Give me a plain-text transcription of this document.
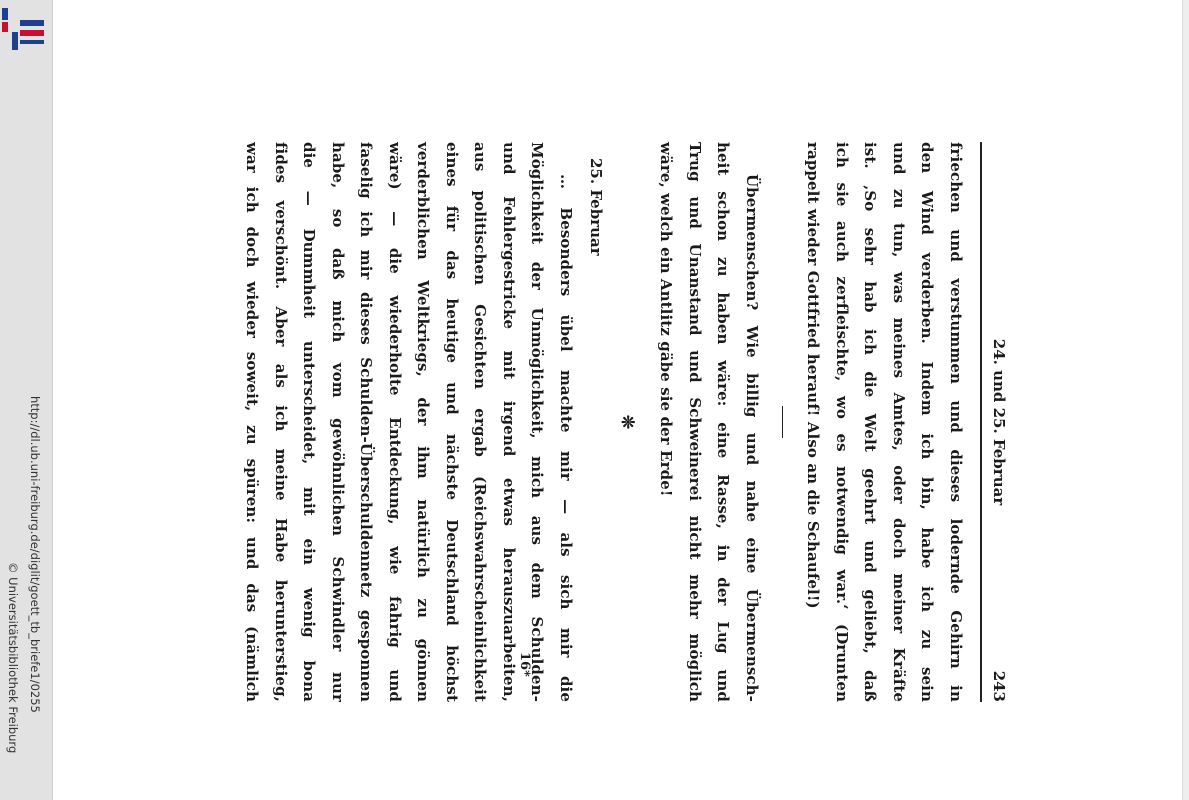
http://dl.ub.uni-freiburg.de/diglit/goett_tb_briefe1/0255
© Universitätsbibliothek Freiburg
24. und 25. Februar
243
friechen und verstummen und dieses lodernde Gehirn in
den Wind verderben. Indem ich bin, habe ich zu sein
und zu tun, was meines Amtes, oder doch meiner Kräfte
ist. ‚So sehr hab ich die Welt geehrt und geliebt, daß
ich sie auch zerfleischte, wo es notwendig war.‘ (Drunten
rappelt wieder Gottfried herauf! Also an die Schaufel!)
Übermenschen? Wie billig und nahe eine Übermensch-
heit schon zu haben wäre: eine Rasse, in der Lug und
Trug und Unanstand und Schweinerei nicht mehr möglich
wäre, welch ein Antlitz gäbe sie der Erde!
❊
25. Februar
… Besonders übel machte mir — als sich mir die
Möglichkeit der Unmöglichkeit, mich aus dem Schulden-
und Fehlergestricke mit irgend etwas herauszuarbeiten,
aus politischen Gesichten ergab (Reichswahrscheinlichkeit
eines für das heutige und nächste Deutschland höchst
verderblichen Weltkriegs, der ihm natürlich zu gönnen
wäre) — die wiederholte Entdeckung, wie fahrig und
faselig ich mir dieses Schulden-Überschuldennetz gesponnen
habe, so daß mich vom gewöhnlichen Schwindler nur
die — Dummheit unterscheidet, mit ein wenig bona
fides verschönt. Aber als ich meine Habe herunterstieg,
war ich doch wieder soweit, zu spüren: und das (nämlich	16*
